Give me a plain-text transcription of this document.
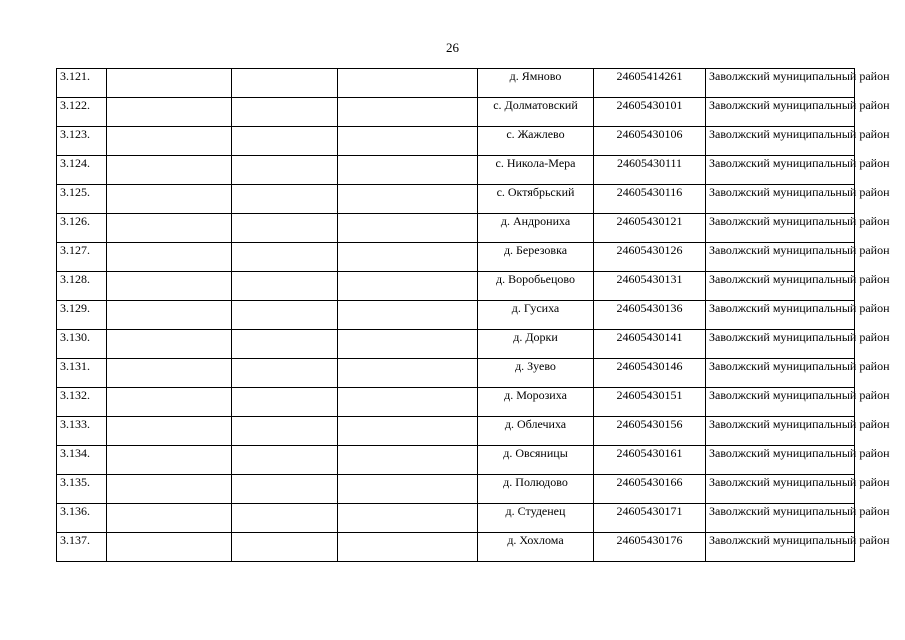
26
3.121.				д. Ямново	24605414261	Заволжский муниципальный район
3.122.				с. Долматовский	24605430101	Заволжский муниципальный район
3.123.				с. Жажлево	24605430106	Заволжский муниципальный район
3.124.				с. Никола-Мера	24605430111	Заволжский муниципальный район
3.125.				с. Октябрьский	24605430116	Заволжский муниципальный район
3.126.				д. Андрониха	24605430121	Заволжский муниципальный район
3.127.				д. Березовка	24605430126	Заволжский муниципальный район
3.128.				д. Воробьецово	24605430131	Заволжский муниципальный район
3.129.				д. Гусиха	24605430136	Заволжский муниципальный район
3.130.				д. Дорки	24605430141	Заволжский муниципальный район
3.131.				д. Зуево	24605430146	Заволжский муниципальный район
3.132.				д. Морозиха	24605430151	Заволжский муниципальный район
3.133.				д. Облечиха	24605430156	Заволжский муниципальный район
3.134.				д. Овсяницы	24605430161	Заволжский муниципальный район
3.135.				д. Полюдово	24605430166	Заволжский муниципальный район
3.136.				д. Студенец	24605430171	Заволжский муниципальный район
3.137.				д. Хохлома	24605430176	Заволжский муниципальный район
